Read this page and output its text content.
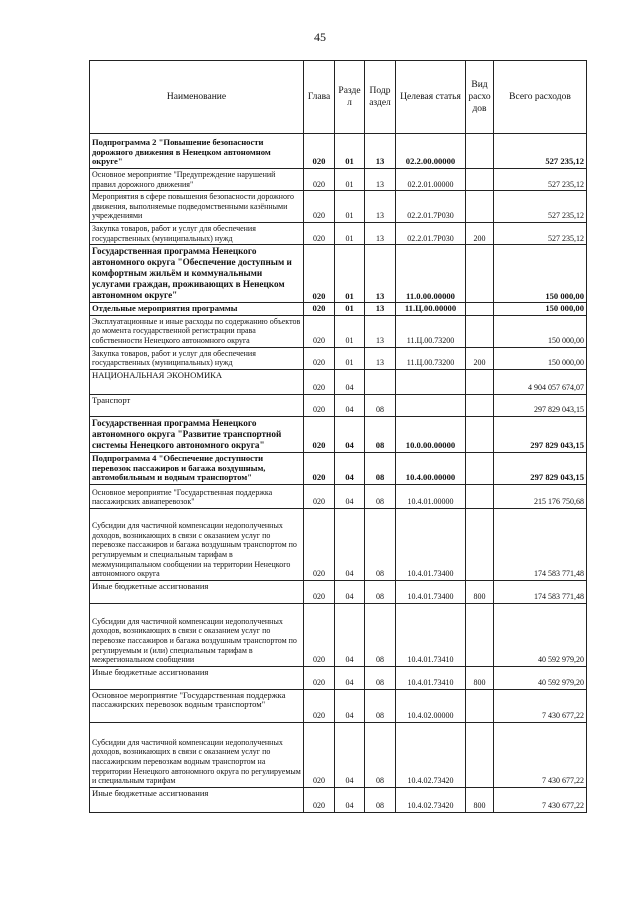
45
Наименование	Глава	Разде л	Подр аздел	Целевая статья	Вид расхо дов	Всего расходов
Подпрограмма 2 "Повышение безопасности дорожного движения в Ненецком автономном округе"	020	01	13	02.2.00.00000		527 235,12
Основное мероприятие "Предупреждение нарушений правил дорожного движения"	020	01	13	02.2.01.00000		527 235,12
Мероприятия в сфере повышения безопасности дорожного движения, выполняемые подведомственными казёнными учреждениями	020	01	13	02.2.01.7Р030		527 235,12
Закупка товаров, работ и услуг для обеспечения государственных (муниципальных) нужд	020	01	13	02.2.01.7Р030	200	527 235,12
Государственная программа Ненецкого автономного округа "Обеспечение доступным и комфортным жильём и коммунальными услугами граждан, проживающих в Ненецком автономном округе"	020	01	13	11.0.00.00000		150 000,00
Отдельные мероприятия программы	020	01	13	11.Ц.00.00000		150 000,00
Эксплуатационные и иные расходы по содержанию объектов до момента государственной регистрации права собственности Ненецкого автономного округа	020	01	13	11.Ц.00.73200		150 000,00
Закупка товаров, работ и услуг для обеспечения государственных (муниципальных) нужд	020	01	13	11.Ц.00.73200	200	150 000,00
НАЦИОНАЛЬНАЯ ЭКОНОМИКА	020	04				4 904 057 674,07
Транспорт	020	04	08			297 829 043,15
Государственная программа Ненецкого автономного округа "Развитие транспортной системы Ненецкого автономного округа"	020	04	08	10.0.00.00000		297 829 043,15
Подпрограмма 4 "Обеспечение доступности перевозок пассажиров и багажа воздушным, автомобильным и водным транспортом"	020	04	08	10.4.00.00000		297 829 043,15
Основное мероприятие "Государственная поддержка пассажирских авиаперевозок"	020	04	08	10.4.01.00000		215 176 750,68
Субсидии для частичной компенсации недополученных доходов, возникающих в связи с оказанием услуг по перевозке пассажиров и багажа воздушным транспортом по регулируемым и специальным тарифам в межмуниципальном сообщении на территории Ненецкого автономного округа	020	04	08	10.4.01.73400		174 583 771,48
Иные бюджетные ассигнования	020	04	08	10.4.01.73400	800	174 583 771,48
Субсидии для частичной компенсации недополученных доходов, возникающих в связи с оказанием услуг по перевозке пассажиров и багажа воздушным транспортом по регулируемым и (или) специальным тарифам в межрегиональном сообщении	020	04	08	10.4.01.73410		40 592 979,20
Иные бюджетные ассигнования	020	04	08	10.4.01.73410	800	40 592 979,20
Основное мероприятие "Государственная поддержка пассажирских перевозок водным транспортом"	020	04	08	10.4.02.00000		7 430 677,22
Субсидии для частичной компенсации недополученных доходов, возникающих в связи с оказанием услуг по пассажирским перевозкам водным транспортом на территории Ненецкого автономного округа по регулируемым и специальным тарифам	020	04	08	10.4.02.73420		7 430 677,22
Иные бюджетные ассигнования	020	04	08	10.4.02.73420	800	7 430 677,22
